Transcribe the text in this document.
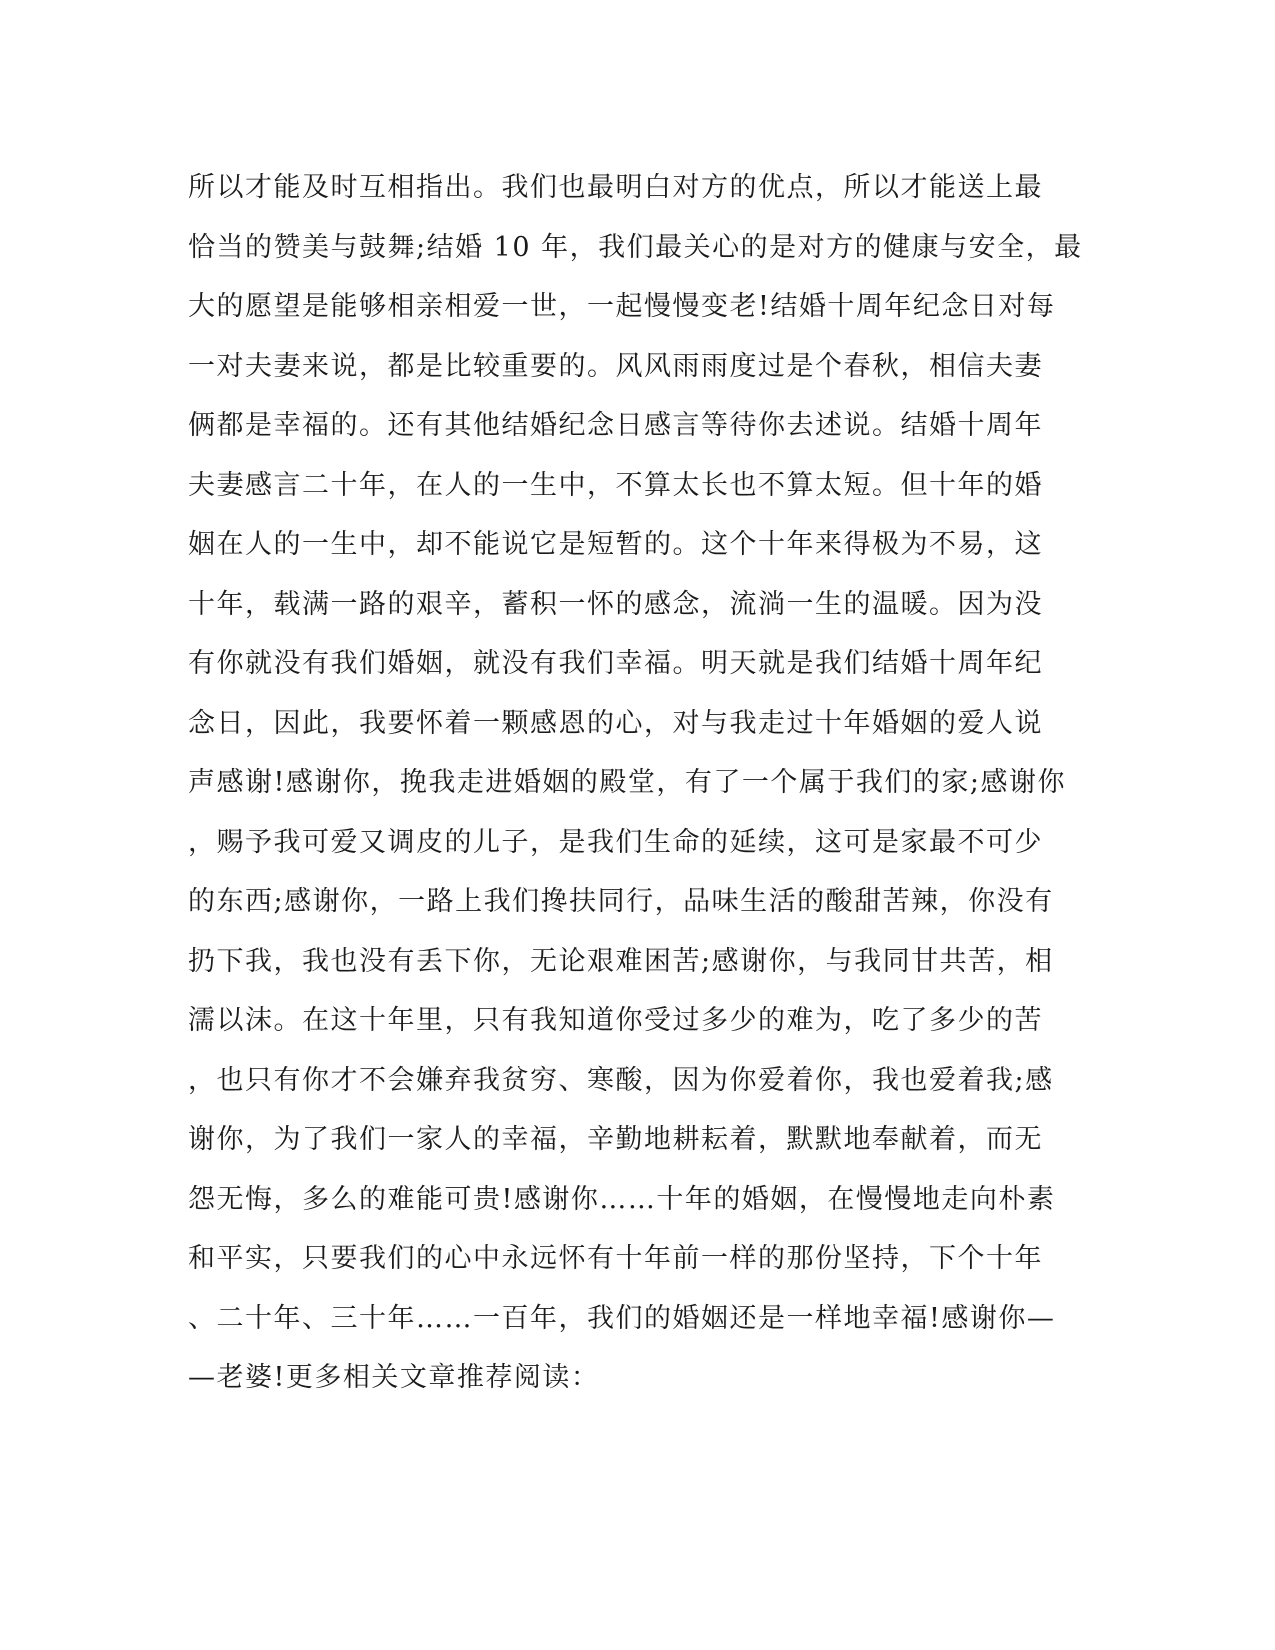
所以才能及时互相指出。我们也最明白对方的优点，所以才能送上最
恰当的赞美与鼓舞;结婚 10 年，我们最关心的是对方的健康与安全，最
大的愿望是能够相亲相爱一世，一起慢慢变老!结婚十周年纪念日对每
一对夫妻来说，都是比较重要的。风风雨雨度过是个春秋，相信夫妻
俩都是幸福的。还有其他结婚纪念日感言等待你去述说。结婚十周年
夫妻感言二十年，在人的一生中，不算太长也不算太短。但十年的婚
姻在人的一生中，却不能说它是短暂的。这个十年来得极为不易，这
十年，载满一路的艰辛，蓄积一怀的感念，流淌一生的温暖。因为没
有你就没有我们婚姻，就没有我们幸福。明天就是我们结婚十周年纪
念日，因此，我要怀着一颗感恩的心，对与我走过十年婚姻的爱人说
声感谢!感谢你，挽我走进婚姻的殿堂，有了一个属于我们的家;感谢你
，赐予我可爱又调皮的儿子，是我们生命的延续，这可是家最不可少
的东西;感谢你，一路上我们搀扶同行，品味生活的酸甜苦辣，你没有
扔下我，我也没有丢下你，无论艰难困苦;感谢你，与我同甘共苦，相
濡以沫。在这十年里，只有我知道你受过多少的难为，吃了多少的苦
，也只有你才不会嫌弃我贫穷、寒酸，因为你爱着你，我也爱着我;感
谢你，为了我们一家人的幸福，辛勤地耕耘着，默默地奉献着，而无
怨无悔，多么的难能可贵!感谢你……十年的婚姻，在慢慢地走向朴素
和平实，只要我们的心中永远怀有十年前一样的那份坚持，下个十年
、二十年、三十年……一百年，我们的婚姻还是一样地幸福!感谢你—
—老婆!更多相关文章推荐阅读：
